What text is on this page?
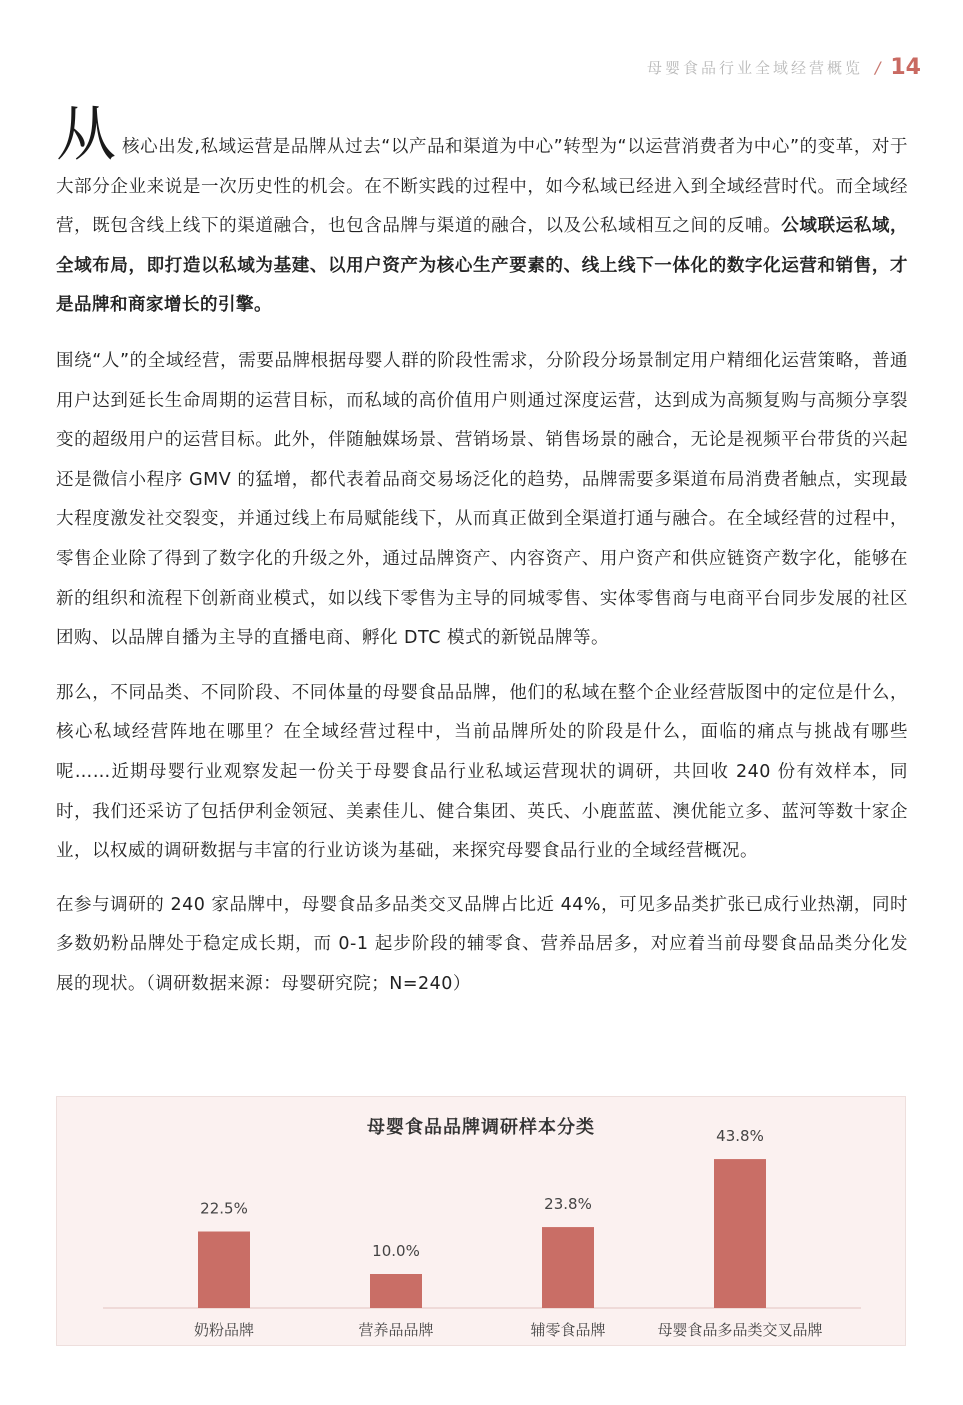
母婴食品行业全域经营概览 / 14

从 核心出发,私域运营是品牌从过去“以产品和渠道为中心”转型为“以运营消费者为中心”的变革，对于大部分企业来说是一次历史性的机会。在不断实践的过程中，如今私域已经进入到全域经营时代。而全域经营，既包含线上线下的渠道融合，也包含品牌与渠道的融合，以及公私域相互之间的反哺。公域联运私域，全域布局，即打造以私域为基建、以用户资产为核心生产要素的、线上线下一体化的数字化运营和销售，才是品牌和商家增长的引擎。

围绕“人”的全域经营，需要品牌根据母婴人群的阶段性需求，分阶段分场景制定用户精细化运营策略，普通用户达到延长生命周期的运营目标，而私域的高价值用户则通过深度运营，达到成为高频复购与高频分享裂变的超级用户的运营目标。此外，伴随触媒场景、营销场景、销售场景的融合，无论是视频平台带货的兴起还是微信小程序 GMV 的猛增，都代表着品商交易场泛化的趋势，品牌需要多渠道布局消费者触点，实现最大程度激发社交裂变，并通过线上布局赋能线下，从而真正做到全渠道打通与融合。在全域经营的过程中，零售企业除了得到了数字化的升级之外，通过品牌资产、内容资产、用户资产和供应链资产数字化，能够在新的组织和流程下创新商业模式，如以线下零售为主导的同城零售、实体零售商与电商平台同步发展的社区团购、以品牌自播为主导的直播电商、孵化 DTC 模式的新锐品牌等。

那么，不同品类、不同阶段、不同体量的母婴食品品牌，他们的私域在整个企业经营版图中的定位是什么，核心私域经营阵地在哪里？在全域经营过程中，当前品牌所处的阶段是什么，面临的痛点与挑战有哪些呢……近期母婴行业观察发起一份关于母婴食品行业私域运营现状的调研，共回收 240 份有效样本，同时，我们还采访了包括伊利金领冠、美素佳儿、健合集团、英氏、小鹿蓝蓝、澳优能立多、蓝河等数十家企业，以权威的调研数据与丰富的行业访谈为基础，来探究母婴食品行业的全域经营概况。

在参与调研的 240 家品牌中，母婴食品多品类交叉品牌占比近 44%，可见多品类扩张已成行业热潮，同时多数奶粉品牌处于稳定成长期，而 0-1 起步阶段的辅零食、营养品居多，对应着当前母婴食品品类分化发展的现状。（调研数据来源：母婴研究院；N=240）

母婴食品品牌调研样本分类
22.5%
奶粉品牌
10.0%
营养品品牌
23.8%
辅零食品牌
43.8%
母婴食品多品类交叉品牌
